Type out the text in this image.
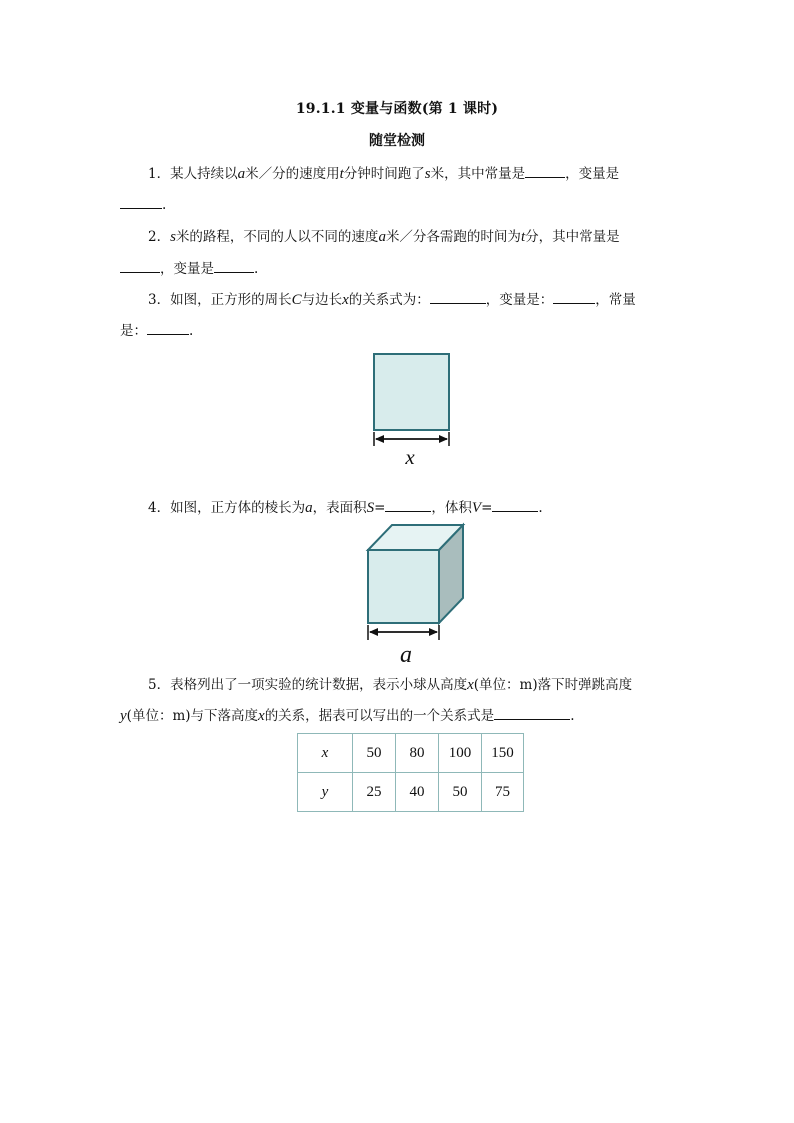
19.1.1 变量与函数(第 1 课时)
随堂检测
1．某人持续以a米／分的速度用t分钟时间跑了s米，其中常量是	，变量是
.
2．s米的路程，不同的人以不同的速度a米／分各需跑的时间为t分，其中常量是
，变量是	.
3．如图，正方形的周长C与边长x的关系式为：	，变量是：	，常量
是：	.
x
4．如图，正方体的棱长为a，表面积S=	，体积V=	.
a
5．表格列出了一项实验的统计数据，表示小球从高度x(单位：m)落下时弹跳高度
y(单位：m)与下落高度x的关系，据表可以写出的一个关系式是	.
x	50	80	100	150
y	25	40	50	75
